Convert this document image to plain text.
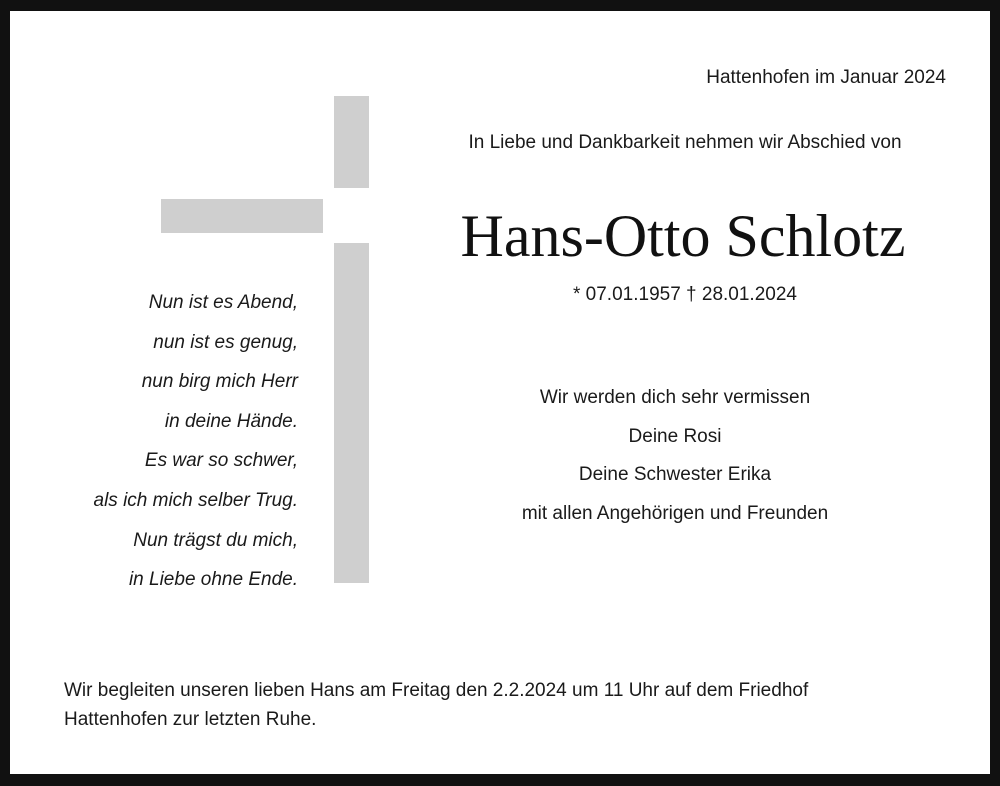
Hattenhofen im Januar 2024
In Liebe und Dankbarkeit nehmen wir Abschied von
Hans-Otto Schlotz
* 07.01.1957 † 28.01.2024
Nun ist es Abend,
nun ist es genug,
nun birg mich Herr
in deine Hände.
Es war so schwer,
als ich mich selber Trug.
Nun trägst du mich,
in Liebe ohne Ende.
Wir werden dich sehr vermissen
Deine Rosi
Deine Schwester Erika
mit allen Angehörigen und Freunden
Wir begleiten unseren lieben Hans am Freitag den 2.2.2024 um 11 Uhr auf dem Friedhof
Hattenhofen zur letzten Ruhe.
